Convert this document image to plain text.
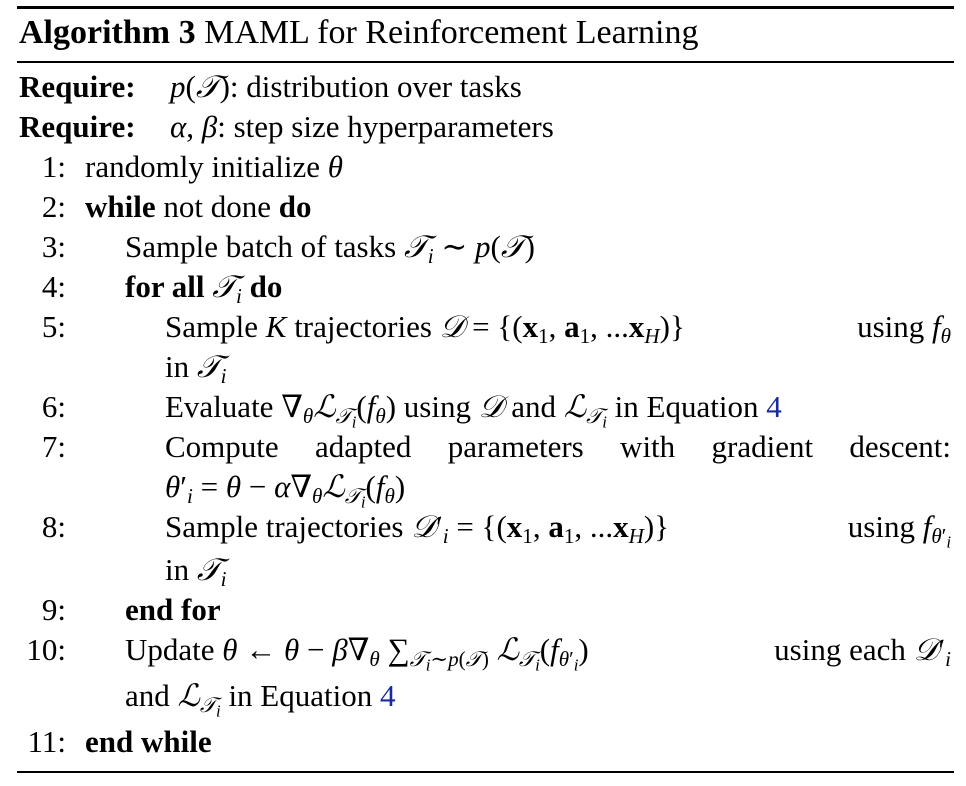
Algorithm 3 MAML for Reinforcement Learning
Require: p(𝒯): distribution over tasks
Require: α, β: step size hyperparameters
1: randomly initialize θ
2: while not done do
3: Sample batch of tasks 𝒯$_i$ ∼ p(𝒯)
4: for all 𝒯$_i$ do
5:	Sample K trajectories 𝒟 = {($x_1$, $a_1$, $...x_H$)}	using $f_\theta$
in 𝒯$_i$
6:	Evaluate $\nabla_\theta ℒ_{𝒯_i}(f_\theta)$ using 𝒟 and ℒ$_{𝒯_i}$ in Equation 4
7:	Compute adapted parameters with gradient descent:
$\theta'_i = \theta$ − $\alpha\nabla_\theta ℒ_{𝒯_i}(f_\theta)$
8:	Sample trajectories $𝒟'_i = \{(x_1$, $a_1$, $...x_H$)}	using $f_{\theta'_i}$
in 𝒯$_i$
9: end for
10: Update θ ← $\theta - \beta\nabla_\theta$ $\sum_{𝒯_i\sim p(𝒯)}$ $ℒ_{𝒯_i}(f_{\theta'_i})$	using each $𝒟'_i$
and ℒ$_{𝒯_i}$ in Equation 4
11: end while
